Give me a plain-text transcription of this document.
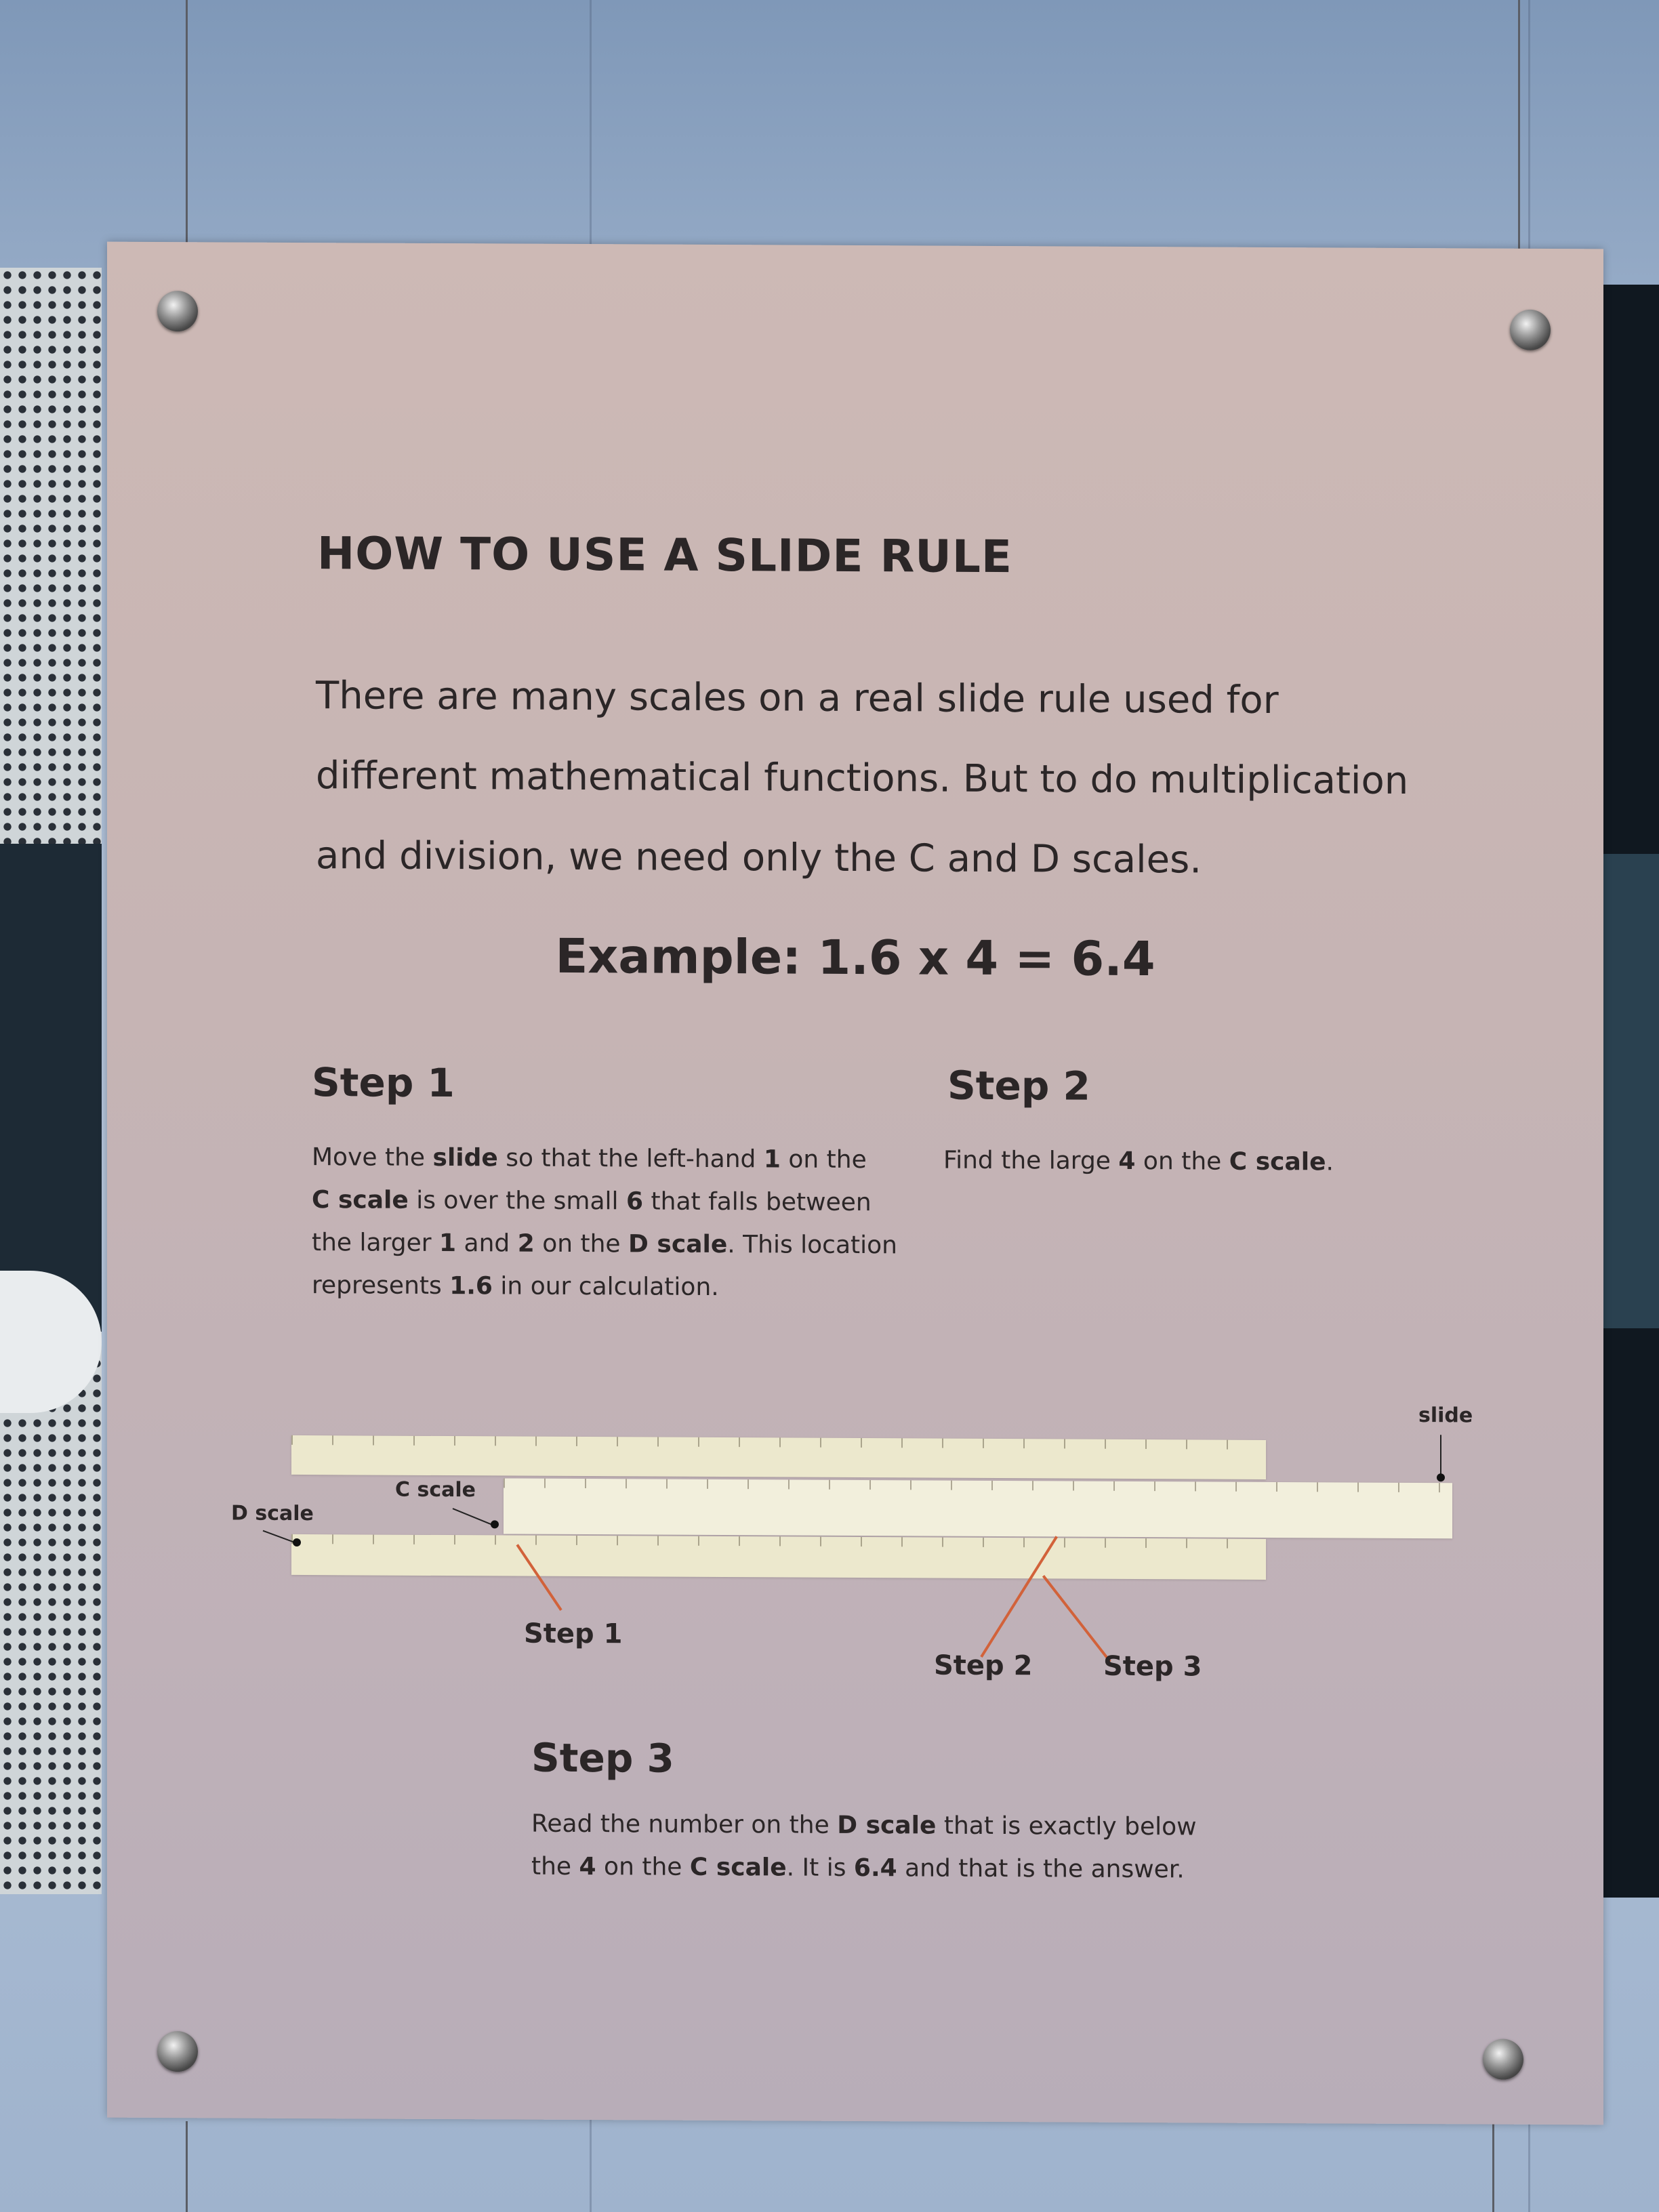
HOW TO USE A SLIDE RULE
There are many scales on a real slide rule used for
different mathematical functions. But to do multiplication
and division, we need only the C and D scales.
Example: 1.6 x 4 = 6.4
Step 1
Move the slide so that the left-hand 1 on the
C scale is over the small 6 that falls between
the larger 1 and 2 on the D scale. This location
represents 1.6 in our calculation.
Step 2
Find the large 4 on the C scale.
slide
C scale
D scale
Step 1
Step 2	Step 3
Step 3
Read the number on the D scale that is exactly below
the 4 on the C scale. It is 6.4 and that is the answer.
